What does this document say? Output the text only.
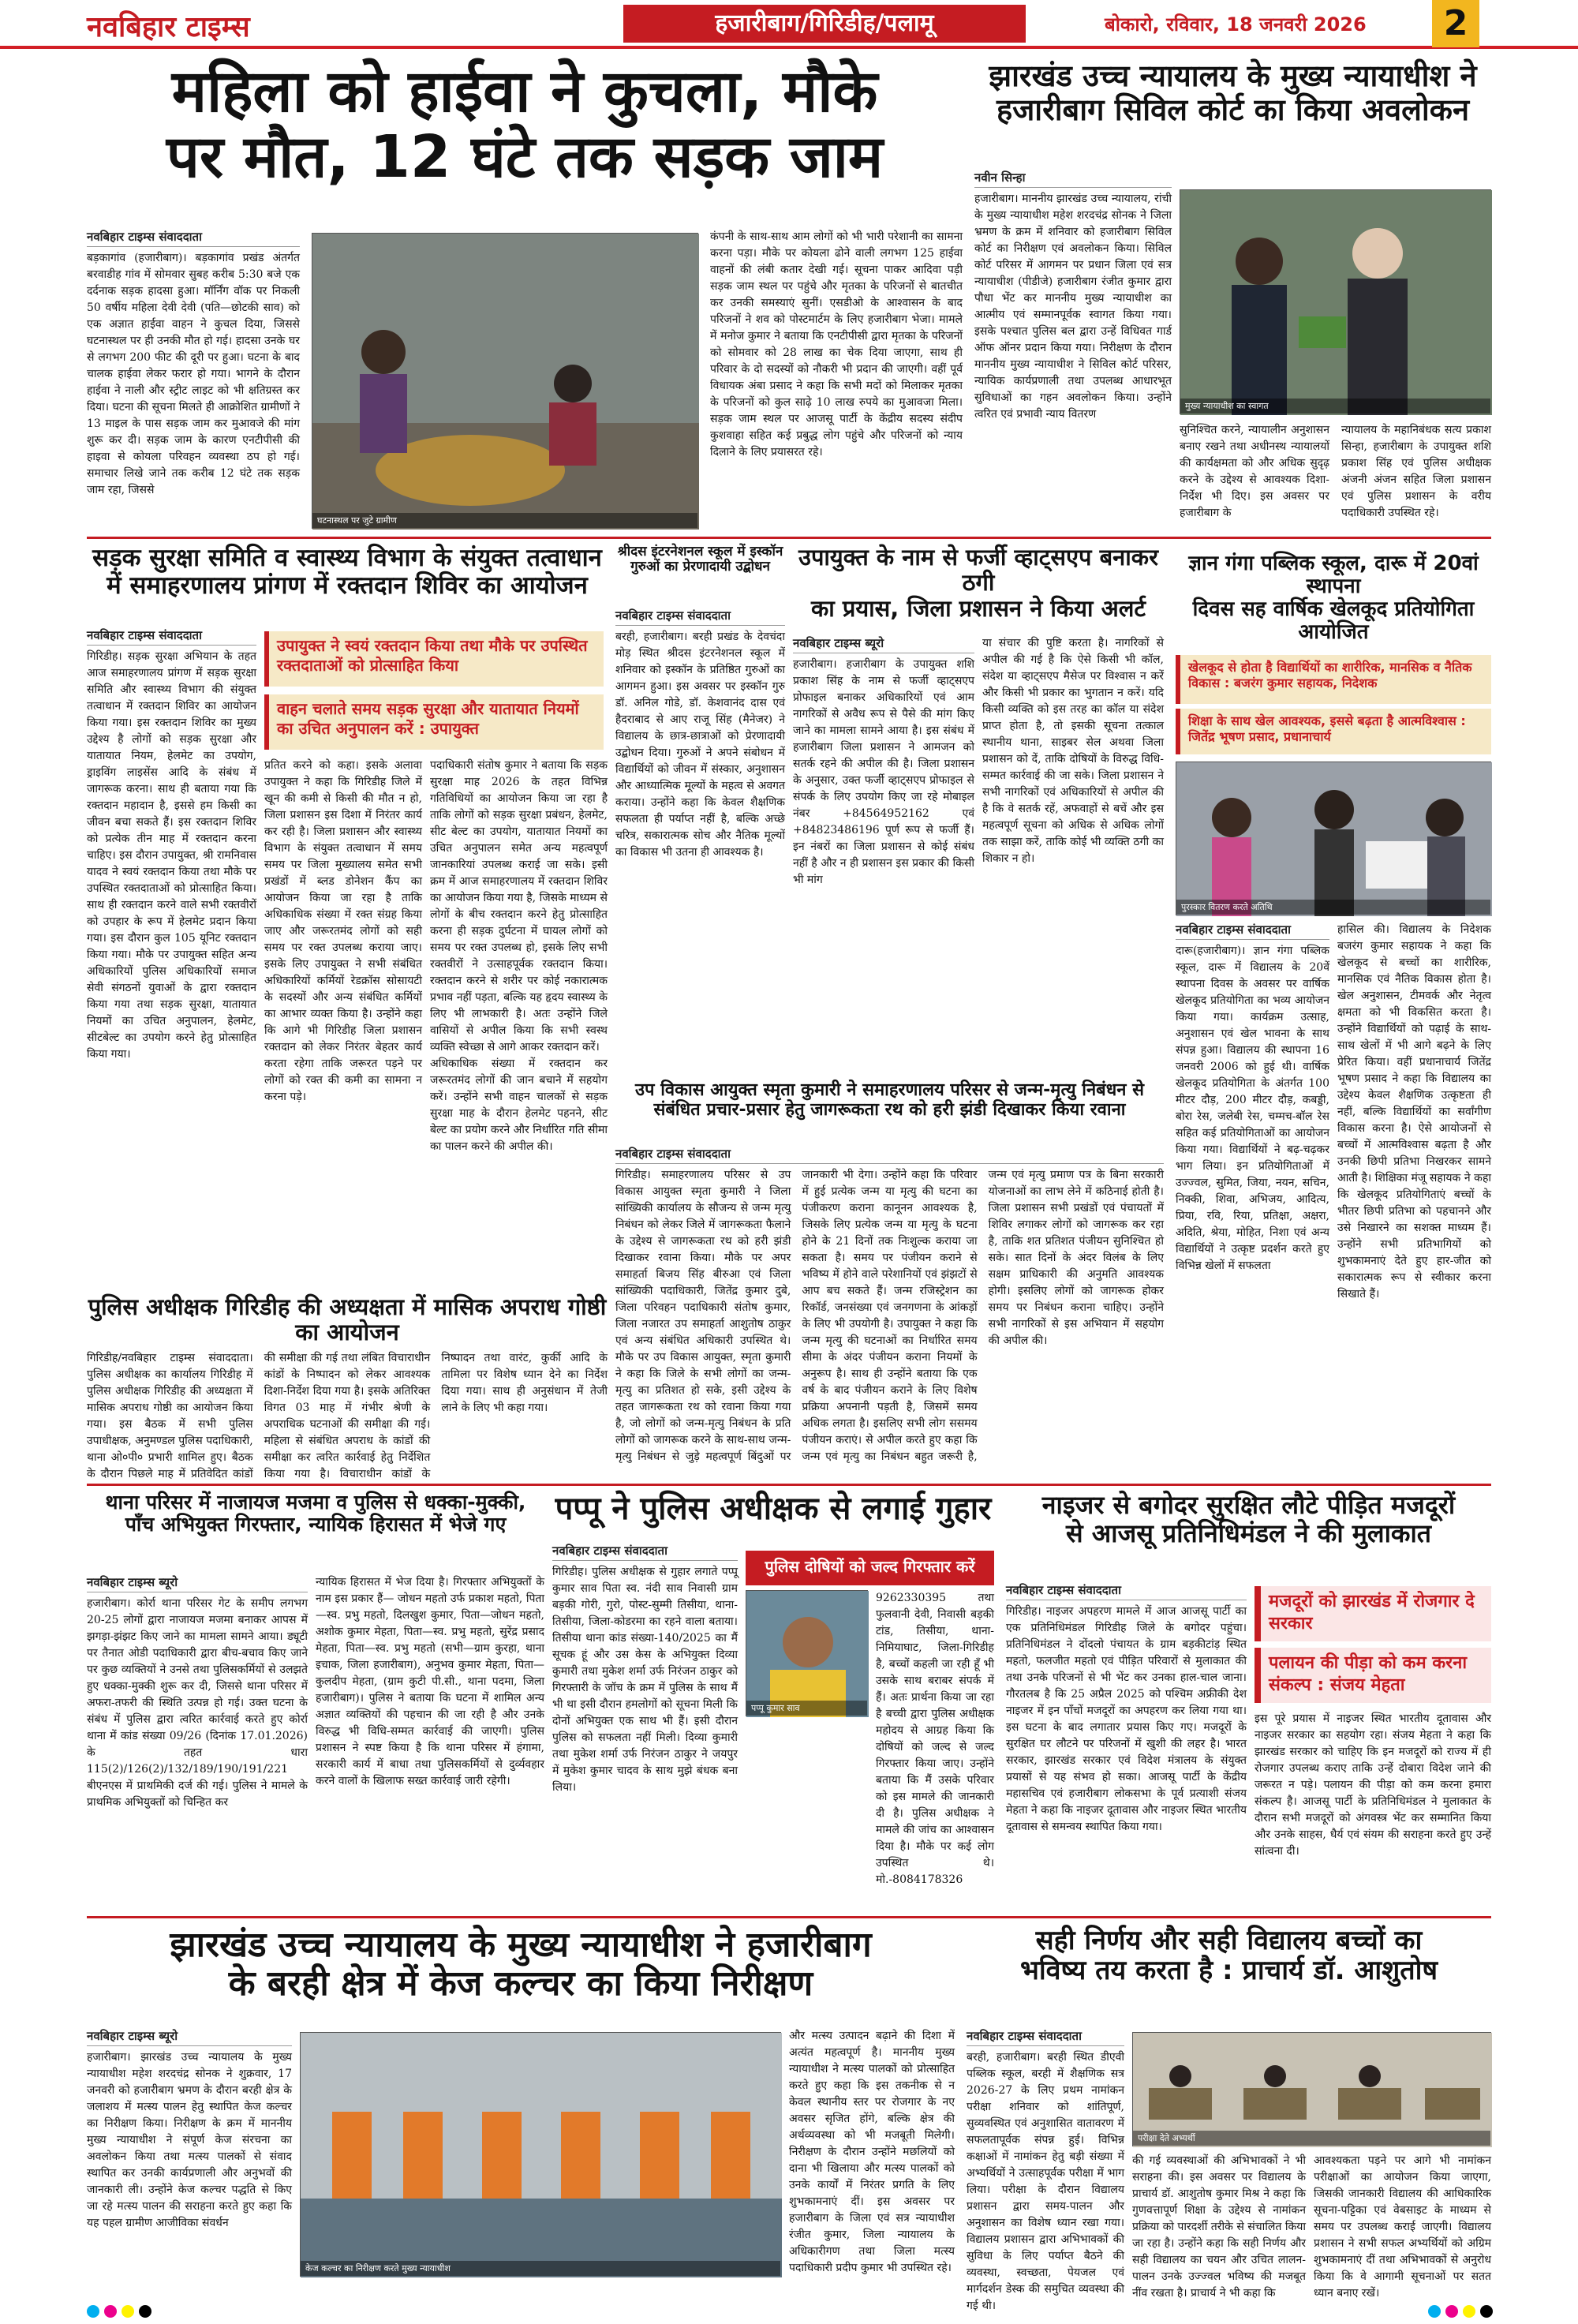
नवबिहार टाइम्स	हजारीबाग/गिरिडीह/पलामू	बोकारो, रविवार, 18 जनवरी 2026	2
महिला को हाईवा ने कुचला, मौके
पर मौत, 12 घंटे तक सड़क जाम
नवबिहार टाइम्स संवाददाता
बड़कागांव (हजारीबाग)। बड़कागांव प्रखंड अंतर्गत बरवाडीह गांव में सोमवार सुबह करीब 5:30 बजे एक दर्दनाक सड़क हादसा हुआ। मॉर्निंग वॉक पर निकली 50 वर्षीय महिला देवी देवी (पति—छोटकी साव) को एक अज्ञात हाईवा वाहन ने कुचल दिया, जिससे घटनास्थल पर ही उनकी मौत हो गई। हादसा उनके घर से लगभग 200 फीट की दूरी पर हुआ। घटना के बाद चालक हाईवा लेकर फरार हो गया। भागने के दौरान हाईवा ने नाली और स्ट्रीट लाइट को भी क्षतिग्रस्त कर दिया। घटना की सूचना मिलते ही आक्रोशित ग्रामीणों ने 13 माइल के पास सड़क जाम कर मुआवजे की मांग शुरू कर दी। सड़क जाम के कारण एनटीपीसी की हाइवा से कोयला परिवहन व्यवस्था ठप हो गई। समाचार लिखे जाने तक करीब 12 घंटे तक सड़क जाम रहा, जिससे
घटनास्थल पर जुटे ग्रामीण
कंपनी के साथ-साथ आम लोगों को भी भारी परेशानी का सामना करना पड़ा। मौके पर कोयला ढोने वाली लगभग 125 हाईवा वाहनों की लंबी कतार देखी गई। सूचना पाकर आदिवा पड़ी सड़क जाम स्थल पर पहुंचे और मृतका के परिजनों से बातचीत कर उनकी समस्याएं सुनीं। एसडीओ के आश्वासन के बाद परिजनों ने शव को पोस्टमार्टम के लिए हजारीबाग भेजा। मामले में मनोज कुमार ने बताया कि एनटीपीसी द्वारा मृतका के परिजनों को सोमवार को 28 लाख का चेक दिया जाएगा, साथ ही परिवार के दो सदस्यों को नौकरी भी प्रदान की जाएगी। वहीं पूर्व विधायक अंबा प्रसाद ने कहा कि सभी मदों को मिलाकर मृतका के परिजनों को कुल साढ़े 10 लाख रुपये का मुआवजा मिला। सड़क जाम स्थल पर आजसू पार्टी के केंद्रीय सदस्य संदीप कुशवाहा सहित कई प्रबुद्ध लोग पहुंचे और परिजनों को न्याय दिलाने के लिए प्रयासरत रहे।
झारखंड उच्च न्यायालय के मुख्य न्यायाधीश ने
हजारीबाग सिविल कोर्ट का किया अवलोकन
नवीन सिन्हा
हजारीबाग। माननीय झारखंड उच्च न्यायालय, रांची के मुख्य न्यायाधीश महेश शरदचंद्र सोनक ने जिला भ्रमण के क्रम में शनिवार को हजारीबाग सिविल कोर्ट का निरीक्षण एवं अवलोकन किया। सिविल कोर्ट परिसर में आगमन पर प्रधान जिला एवं सत्र न्यायाधीश (पीडीजे) हजारीबाग रंजीत कुमार द्वारा पौधा भेंट कर माननीय मुख्य न्यायाधीश का आत्मीय एवं सम्मानपूर्वक स्वागत किया गया। इसके पश्चात पुलिस बल द्वारा उन्हें विधिवत गार्ड ऑफ ऑनर प्रदान किया गया। निरीक्षण के दौरान माननीय मुख्य न्यायाधीश ने सिविल कोर्ट परिसर, न्यायिक कार्यप्रणाली तथा उपलब्ध आधारभूत सुविधाओं का गहन अवलोकन किया। उन्होंने त्वरित एवं प्रभावी न्याय वितरण
मुख्य न्यायाधीश का स्वागत
सुनिश्चित करने, न्यायालीन अनुशासन बनाए रखने तथा अधीनस्थ न्यायालयों की कार्यक्षमता को और अधिक सुदृढ़ करने के उद्देश्य से आवश्यक दिशा-निर्देश भी दिए। इस अवसर पर हजारीबाग के
न्यायालय के महानिबंधक सत्य प्रकाश सिन्हा, हजारीबाग के उपायुक्त शशि प्रकाश सिंह एवं पुलिस अधीक्षक अंजनी अंजन सहित जिला प्रशासन एवं पुलिस प्रशासन के वरीय पदाधिकारी उपस्थित रहे।
सड़क सुरक्षा समिति व स्वास्थ्य विभाग के संयुक्त तत्वाधान
में समाहरणालय प्रांगण में रक्तदान शिविर का आयोजन
नवबिहार टाइम्स संवाददाता
गिरिडीह। सड़क सुरक्षा अभियान के तहत आज समाहरणालय प्रांगण में सड़क सुरक्षा समिति और स्वास्थ्य विभाग की संयुक्त तत्वाधान में रक्तदान शिविर का आयोजन किया गया। इस रक्तदान शिविर का मुख्य उद्देश्य है लोगों को सड़क सुरक्षा और यातायात नियम, हेलमेट का उपयोग, ड्राइविंग लाइसेंस आदि के संबंध में जागरूक करना। साथ ही बताया गया कि रक्तदान महादान है, इससे हम किसी का जीवन बचा सकते हैं। इस रक्तदान शिविर को प्रत्येक तीन माह में रक्तदान करना चाहिए। इस दौरान उपायुक्त, श्री रामनिवास यादव ने स्वयं रक्तदान किया तथा मौके पर उपस्थित रक्तदाताओं को प्रोत्साहित किया। साथ ही रक्तदान करने वाले सभी रक्तवीरों को उपहार के रूप में हेलमेट प्रदान किया गया। इस दौरान कुल 105 यूनिट रक्तदान किया गया। मौके पर उपायुक्त सहित अन्य अधिकारियों पुलिस अधिकारियों समाज सेवी संगठनों युवाओं के द्वारा रक्तदान किया गया तथा सड़क सुरक्षा, यातायात नियमों का उचित अनुपालन, हेलमेट, सीटबेल्ट का उपयोग करने हेतु प्रोत्साहित किया गया।
उपायुक्त ने स्वयं रक्तदान किया तथा मौके पर उपस्थित रक्तदाताओं को प्रोत्साहित किया
वाहन चलाते समय सड़क सुरक्षा और यातायात नियमों का उचित अनुपालन करें : उपायुक्त
प्रतित करने को कहा। इसके अलावा उपायुक्त ने कहा कि गिरिडीह जिले में खून की कमी से किसी की मौत न हो, जिला प्रशासन इस दिशा में निरंतर कार्य कर रही है। जिला प्रशासन और स्वास्थ्य विभाग के संयुक्त तत्वाधान में समय समय पर जिला मुख्यालय समेत सभी प्रखंडों में ब्लड डोनेशन कैंप का आयोजन किया जा रहा है ताकि अधिकाधिक संख्या में रक्त संग्रह किया जाए और जरूरतमंद लोगों को सही समय पर रक्त उपलब्ध कराया जाए। इसके लिए उपायुक्त ने सभी संबंधित अधिकारियों कर्मियों रेडक्रॉस सोसायटी के सदस्यों और अन्य संबंधित कर्मियों का आभार व्यक्त किया है। उन्होंने कहा कि आगे भी गिरिडीह जिला प्रशासन रक्तदान को लेकर निरंतर बेहतर कार्य करता रहेगा ताकि जरूरत पड़ने पर लोगों को रक्त की कमी का सामना न करना पड़े।
पदाधिकारी संतोष कुमार ने बताया कि सड़क सुरक्षा माह 2026 के तहत विभिन्न गतिविधियों का आयोजन किया जा रहा है ताकि लोगों को सड़क सुरक्षा प्रबंधन, हेलमेट, सीट बेल्ट का उपयोग, यातायात नियमों का उचित अनुपालन समेत अन्य महत्वपूर्ण जानकारियां उपलब्ध कराई जा सके। इसी क्रम में आज समाहरणालय में रक्तदान शिविर का आयोजन किया गया है, जिसके माध्यम से लोगों के बीच रक्तदान करने हेतु प्रोत्साहित करना ही सड़क दुर्घटना में घायल लोगों को समय पर रक्त उपलब्ध हो, इसके लिए सभी रक्तवीरों ने उत्साहपूर्वक रक्तदान किया। रक्तदान करने से शरीर पर कोई नकारात्मक प्रभाव नहीं पड़ता, बल्कि यह हृदय स्वास्थ्य के लिए भी लाभकारी है। अतः उन्होंने जिले वासियों से अपील किया कि सभी स्वस्थ व्यक्ति स्वेच्छा से आगे आकर रक्तदान करें।
अधिकाधिक संख्या में रक्तदान कर जरूरतमंद लोगों की जान बचाने में सहयोग करें। उन्होंने सभी वाहन चालकों से सड़क सुरक्षा माह के दौरान हेलमेट पहनने, सीट बेल्ट का प्रयोग करने और निर्धारित गति सीमा का पालन करने की अपील की।
श्रीदस इंटरनेशनल स्कूल में इस्कॉन
गुरुओं का प्रेरणादायी उद्बोधन
नवबिहार टाइम्स संवाददाता
बरही, हजारीबाग। बरही प्रखंड के देवचंदा मोड़ स्थित श्रीदस इंटरनेशनल स्कूल में शनिवार को इस्कॉन के प्रतिष्ठित गुरुओं का आगमन हुआ। इस अवसर पर इस्कॉन गुरु डॉ. अनिल गोडे, डॉ. केशवानंद दास एवं हैदराबाद से आए राजू सिंह (मैनेजर) ने विद्यालय के छात्र-छात्राओं को प्रेरणादायी उद्बोधन दिया। गुरुओं ने अपने संबोधन में विद्यार्थियों को जीवन में संस्कार, अनुशासन और आध्यात्मिक मूल्यों के महत्व से अवगत कराया। उन्होंने कहा कि केवल शैक्षणिक सफलता ही पर्याप्त नहीं है, बल्कि अच्छे चरित्र, सकारात्मक सोच और नैतिक मूल्यों का विकास भी उतना ही आवश्यक है।
उपायुक्त के नाम से फर्जी व्हाट्सएप बनाकर ठगी
का प्रयास, जिला प्रशासन ने किया अलर्ट
नवबिहार टाइम्स ब्यूरो
हजारीबाग। हजारीबाग के उपायुक्त शशि प्रकाश सिंह के नाम से फर्जी व्हाट्सएप प्रोफाइल बनाकर अधिकारियों एवं आम नागरिकों से अवैध रूप से पैसे की मांग किए जाने का मामला सामने आया है। इस संबंध में हजारीबाग जिला प्रशासन ने आमजन को सतर्क रहने की अपील की है। जिला प्रशासन के अनुसार, उक्त फर्जी व्हाट्सएप प्रोफाइल से संपर्क के लिए उपयोग किए जा रहे मोबाइल नंबर +84564952162 एवं +84823486196 पूर्ण रूप से फर्जी हैं। इन नंबरों का जिला प्रशासन से कोई संबंध नहीं है और न ही प्रशासन इस प्रकार की किसी भी मांग
या संचार की पुष्टि करता है। नागरिकों से अपील की गई है कि ऐसे किसी भी कॉल, संदेश या व्हाट्सएप मैसेज पर विश्वास न करें और किसी भी प्रकार का भुगतान न करें। यदि किसी व्यक्ति को इस तरह का कॉल या संदेश प्राप्त होता है, तो इसकी सूचना तत्काल स्थानीय थाना, साइबर सेल अथवा जिला प्रशासन को दें, ताकि दोषियों के विरुद्ध विधि-सम्मत कार्रवाई की जा सके। जिला प्रशासन ने सभी नागरिकों एवं अधिकारियों से अपील की है कि वे सतर्क रहें, अफवाहों से बचें और इस महत्वपूर्ण सूचना को अधिक से अधिक लोगों तक साझा करें, ताकि कोई भी व्यक्ति ठगी का शिकार न हो।
उप विकास आयुक्त स्मृता कुमारी ने समाहरणालय परिसर से जन्म-मृत्यु निबंधन से
संबंधित प्रचार-प्रसार हेतु जागरूकता रथ को हरी झंडी दिखाकर किया रवाना
नवबिहार टाइम्स संवाददाता
गिरिडीह। समाहरणालय परिसर से उप विकास आयुक्त स्मृता कुमारी ने जिला सांख्यिकी कार्यालय के सौजन्य से जन्म मृत्यु निबंधन को लेकर जिले में जागरूकता फैलाने के उद्देश्य से जागरूकता रथ को हरी झंडी दिखाकर रवाना किया। मौके पर अपर समाहर्ता बिजय सिंह बीरुआ एवं जिला सांख्यिकी पदाधिकारी, जितेंद्र कुमार दुबे, जिला परिवहन पदाधिकारी संतोष कुमार, जिला नजारत उप समाहर्ता आशुतोष ठाकुर एवं अन्य संबंधित अधिकारी उपस्थित थे। मौके पर उप विकास आयुक्त, स्मृता कुमारी ने कहा कि जिले के सभी लोगों का जन्म-मृत्यु का प्रतिशत हो सके, इसी उद्देश्य के तहत जागरूकता रथ को रवाना किया गया है, जो लोगों को जन्म-मृत्यु निबंधन के प्रति लोगों को जागरूक करने के साथ-साथ जन्म-मृत्यु निबंधन से जुड़े महत्वपूर्ण बिंदुओं पर जानकारी भी देगा। उन्होंने कहा कि परिवार में हुई प्रत्येक जन्म या मृत्यु की घटना का पंजीकरण कराना कानूनन आवश्यक है, जिसके लिए प्रत्येक जन्म या मृत्यु के घटना होने के 21 दिनों तक निःशुल्क कराया जा सकता है। समय पर पंजीयन कराने से भविष्य में होने वाले परेशानियों एवं झंझटों से आप बच सकते हैं। जन्म रजिस्ट्रेशन का रिकॉर्ड, जनसंख्या एवं जनगणना के आंकड़ों के लिए भी उपयोगी है। उपायुक्त ने कहा कि जन्म मृत्यु की घटनाओं का निर्धारित समय सीमा के अंदर पंजीयन कराना नियमों के अनुरूप है। साथ ही उन्होंने बताया कि एक वर्ष के बाद पंजीयन कराने के लिए विशेष प्रक्रिया अपनानी पड़ती है, जिसमें समय अधिक लगता है। इसलिए सभी लोग ससमय पंजीयन कराएं। से अपील करते हुए कहा कि जन्म एवं मृत्यु का निबंधन बहुत जरूरी है, जन्म एवं मृत्यु प्रमाण पत्र के बिना सरकारी योजनाओं का लाभ लेने में कठिनाई होती है। जिला प्रशासन सभी प्रखंडों एवं पंचायतों में शिविर लगाकर लोगों को जागरूक कर रहा है, ताकि शत प्रतिशत पंजीयन सुनिश्चित हो सके। सात दिनों के अंदर विलंब के लिए सक्षम प्राधिकारी की अनुमति आवश्यक होगी। इसलिए लोगों को जागरूक होकर समय पर निबंधन कराना चाहिए। उन्होंने सभी नागरिकों से इस अभियान में सहयोग की अपील की।
ज्ञान गंगा पब्लिक स्कूल, दारू में 20वां स्थापना
दिवस सह वार्षिक खेलकूद प्रतियोगिता आयोजित
खेलकूद से होता है विद्यार्थियों का शारीरिक, मानसिक व नैतिक विकास : बजरंग कुमार सहायक, निदेशक
शिक्षा के साथ खेल आवश्यक, इससे बढ़ता है आत्मविश्वास : जितेंद्र भूषण प्रसाद, प्रधानाचार्य
पुरस्कार वितरण करते अतिथि
नवबिहार टाइम्स संवाददाता
दारू(हजारीबाग)। ज्ञान गंगा पब्लिक स्कूल, दारू में विद्यालय के 20वें स्थापना दिवस के अवसर पर वार्षिक खेलकूद प्रतियोगिता का भव्य आयोजन किया गया। कार्यक्रम उत्साह, अनुशासन एवं खेल भावना के साथ संपन्न हुआ। विद्यालय की स्थापना 16 जनवरी 2006 को हुई थी। वार्षिक खेलकूद प्रतियोगिता के अंतर्गत 100 मीटर दौड़, 200 मीटर दौड़, कबड्डी, बोरा रेस, जलेबी रेस, चम्मच-बॉल रेस सहित कई प्रतियोगिताओं का आयोजन किया गया। विद्यार्थियों ने बढ़-चढ़कर भाग लिया। इन प्रतियोगिताओं में उज्ज्वल, सुमित, जिया, नयन, सचिन, निक्की, शिवा, अभिजय, आदित्य, प्रिया, रवि, रिया, प्रतिक्षा, अक्षरा, अदिति, श्रेया, मोहित, निशा एवं अन्य विद्यार्थियों ने उत्कृष्ट प्रदर्शन करते हुए विभिन्न खेलों में सफलता
हासिल की। विद्यालय के निदेशक बजरंग कुमार सहायक ने कहा कि खेलकूद से बच्चों का शारीरिक, मानसिक एवं नैतिक विकास होता है। खेल अनुशासन, टीमवर्क और नेतृत्व क्षमता को भी विकसित करता है। उन्होंने विद्यार्थियों को पढ़ाई के साथ-साथ खेलों में भी आगे बढ़ने के लिए प्रेरित किया। वहीं प्रधानाचार्य जितेंद्र भूषण प्रसाद ने कहा कि विद्यालय का उद्देश्य केवल शैक्षणिक उत्कृष्टता ही नहीं, बल्कि विद्यार्थियों का सर्वांगीण विकास करना है। ऐसे आयोजनों से बच्चों में आत्मविश्वास बढ़ता है और उनकी छिपी प्रतिभा निखरकर सामने आती है। शिक्षिका मंजू सहायक ने कहा कि खेलकूद प्रतियोगिताएं बच्चों के भीतर छिपी प्रतिभा को पहचानने और उसे निखारने का सशक्त माध्यम हैं। उन्होंने सभी प्रतिभागियों को शुभकामनाएं देते हुए हार-जीत को सकारात्मक रूप से स्वीकार करना सिखाते हैं।
पुलिस अधीक्षक गिरिडीह की अध्यक्षता में मासिक अपराध गोष्ठी का आयोजन
गिरिडीह/नवबिहार टाइम्स संवाददाता। पुलिस अधीक्षक का कार्यालय गिरिडीह में पुलिस अधीक्षक गिरिडीह की अध्यक्षता में मासिक अपराध गोष्ठी का आयोजन किया गया। इस बैठक में सभी पुलिस उपाधीक्षक, अनुमण्डल पुलिस पदाधिकारी, थाना ओ०पी० प्रभारी शामिल हुए। बैठक के दौरान पिछले माह में प्रतिवेदित कांडों की समीक्षा की गई तथा लंबित विचाराधीन कांडों के निष्पादन को लेकर आवश्यक दिशा-निर्देश दिया गया है। इसके अतिरिक्त विगत 03 माह में गंभीर श्रेणी के अपराधिक घटनाओं की समीक्षा की गई। महिला से संबंधित अपराध के कांडों की समीक्षा कर त्वरित कार्रवाई हेतु निर्देशित किया गया है। विचाराधीन कांडों के निष्पादन तथा वारंट, कुर्की आदि के तामिला पर विशेष ध्यान देने का निर्देश दिया गया। साथ ही अनुसंधान में तेजी लाने के लिए भी कहा गया।
थाना परिसर में नाजायज मजमा व पुलिस से धक्का-मुक्की,
पाँच अभियुक्त गिरफ्तार, न्यायिक हिरासत में भेजे गए
नवबिहार टाइम्स ब्यूरो
हजारीबाग। कोर्रा थाना परिसर गेट के समीप लगभग 20-25 लोगों द्वारा नाजायज मजमा बनाकर आपस में झगड़ा-झंझट किए जाने का मामला सामने आया। ड्यूटी पर तैनात ओडी पदाधिकारी द्वारा बीच-बचाव किए जाने पर कुछ व्यक्तियों ने उनसे तथा पुलिसकर्मियों से उलझते हुए धक्का-मुक्की शुरू कर दी, जिससे थाना परिसर में अफरा-तफरी की स्थिति उत्पन्न हो गई। उक्त घटना के संबंध में पुलिस द्वारा त्वरित कार्रवाई करते हुए कोर्रा थाना में कांड संख्या 09/26 (दिनांक 17.01.2026) के तहत धारा 115(2)/126(2)/132/189/190/191/221 बीएनएस में प्राथमिकी दर्ज की गई। पुलिस ने मामले के प्राथमिक अभियुक्तों को चिन्हित कर
न्यायिक हिरासत में भेज दिया है। गिरफ्तार अभियुक्तों के नाम इस प्रकार हैं— जोधन महतो उर्फ प्रकाश महतो, पिता—स्व. प्रभु महतो, दिलखुश कुमार, पिता—जोधन महतो, अशोक कुमार मेहता, पिता—स्व. प्रभु महतो, सुरेंद्र प्रसाद मेहता, पिता—स्व. प्रभु महतो (सभी—ग्राम कुरहा, थाना इचाक, जिला हजारीबाग), अनुभव कुमार मेहता, पिता—कुलदीप मेहता, (ग्राम कुटी पी.सी., थाना पदमा, जिला हजारीबाग)। पुलिस ने बताया कि घटना में शामिल अन्य अज्ञात व्यक्तियों की पहचान की जा रही है और उनके विरुद्ध भी विधि-सम्मत कार्रवाई की जाएगी। पुलिस प्रशासन ने स्पष्ट किया है कि थाना परिसर में हंगामा, सरकारी कार्य में बाधा तथा पुलिसकर्मियों से दुर्व्यवहार करने वालों के खिलाफ सख्त कार्रवाई जारी रहेगी।
पप्पू ने पुलिस अधीक्षक से लगाई गुहार
पुलिस दोषियों को जल्द गिरफ्तार करें
नवबिहार टाइम्स संवाददाता
गिरिडीह। पुलिस अधीक्षक से गुहार लगाते पप्पू कुमार साव पिता स्व. नंदी साव निवासी ग्राम बड़की गोरी, गुरो, पोस्ट-सुम्मी तिसीया, थाना-तिसीया, जिला-कोडरमा का रहने वाला बताया। तिसीया थाना कांड संख्या-140/2025 का मैं सूचक हूं और उस केस के अभियुक्त दिव्या कुमारी तथा मुकेश शर्मा उर्फ निरंजन ठाकुर को गिरफ्तारी के जॉच के क्रम में पुलिस के साथ मैं भी था इसी दौरान हमलोगों को सूचना मिली कि दोनों अभियुक्त एक साथ भी हैं। इसी दौरान पुलिस को सफलता नहीं मिली। दिव्या कुमारी तथा मुकेश शर्मा उर्फ निरंजन ठाकुर ने जयपुर में मुकेश कुमार चादव के साथ मुझे बंधक बना लिया।
पप्पू कुमार साव
9262330395 तथा फुलवानी देवी, निवासी बड़की टांड, तिसीया, थाना-निमियाघाट, जिला-गिरिडीह है, बच्चों कहली जा रही हूँ भी उसके साथ बराबर संपर्क में हैं। अतः प्रार्थना किया जा रहा है बच्ची द्वारा पुलिस अधीक्षक महोदय से आग्रह किया कि दोषियों को जल्द से जल्द गिरफ्तार किया जाए। उन्होंने बताया कि मैं उसके परिवार को इस मामले की जानकारी दी है। पुलिस अधीक्षक ने मामले की जांच का आश्वासन दिया है। मौके पर कई लोग उपस्थित थे। मो.-8084178326
नाइजर से बगोदर सुरक्षित लौटे पीड़ित मजदूरों
से आजसू प्रतिनिधिमंडल ने की मुलाकात
नवबिहार टाइम्स संवाददाता
गिरिडीह। नाइजर अपहरण मामले में आज आजसू पार्टी का एक प्रतिनिधिमंडल गिरिडीह जिले के बगोदर पहुंचा। प्रतिनिधिमंडल ने दोंदलो पंचायत के ग्राम बड़कीटांड़ स्थित महतो, फलजीत महतो एवं पीड़ित परिवारों से मुलाकात की तथा उनके परिजनों से भी भेंट कर उनका हाल-चाल जाना। गौरतलब है कि 25 अप्रैल 2025 को पश्चिम अफ्रीकी देश नाइजर में इन पाँचों मजदूरों का अपहरण कर लिया गया था। इस घटना के बाद लगातार प्रयास किए गए। मजदूरों के सुरक्षित घर लौटने पर परिजनों में खुशी की लहर है। भारत सरकार, झारखंड सरकार एवं विदेश मंत्रालय के संयुक्त प्रयासों से यह संभव हो सका। आजसू पार्टी के केंद्रीय महासचिव एवं हजारीबाग लोकसभा के पूर्व प्रत्याशी संजय मेहता ने कहा कि नाइजर दूतावास और नाइजर स्थित भारतीय दूतावास से समन्वय स्थापित किया गया।
मजदूरों को झारखंड में रोजगार दे सरकार
पलायन की पीड़ा को कम करना संकल्प : संजय मेहता
इस पूरे प्रयास में नाइजर स्थित भारतीय दूतावास और नाइजर सरकार का सहयोग रहा। संजय मेहता ने कहा कि झारखंड सरकार को चाहिए कि इन मजदूरों को राज्य में ही रोजगार उपलब्ध कराए ताकि उन्हें दोबारा विदेश जाने की जरूरत न पड़े। पलायन की पीड़ा को कम करना हमारा संकल्प है। आजसू पार्टी के प्रतिनिधिमंडल ने मुलाकात के दौरान सभी मजदूरों को अंगवस्त्र भेंट कर सम्मानित किया और उनके साहस, धैर्य एवं संयम की सराहना करते हुए उन्हें सांत्वना दी।
झारखंड उच्च न्यायालय के मुख्य न्यायाधीश ने हजारीबाग
के बरही क्षेत्र में केज कल्चर का किया निरीक्षण
नवबिहार टाइम्स ब्यूरो
हजारीबाग। झारखंड उच्च न्यायालय के मुख्य न्यायाधीश महेश शरदचंद्र सोनक ने शुक्रवार, 17 जनवरी को हजारीबाग भ्रमण के दौरान बरही क्षेत्र के जलाशय में मत्स्य पालन हेतु स्थापित केज कल्चर का निरीक्षण किया। निरीक्षण के क्रम में माननीय मुख्य न्यायाधीश ने संपूर्ण केज संरचना का अवलोकन किया तथा मत्स्य पालकों से संवाद स्थापित कर उनकी कार्यप्रणाली और अनुभवों की जानकारी ली। उन्होंने केज कल्चर पद्धति से किए जा रहे मत्स्य पालन की सराहना करते हुए कहा कि यह पहल ग्रामीण आजीविका संवर्धन
केज कल्चर का निरीक्षण करते मुख्य न्यायाधीश
और मत्स्य उत्पादन बढ़ाने की दिशा में अत्यंत महत्वपूर्ण है। माननीय मुख्य न्यायाधीश ने मत्स्य पालकों को प्रोत्साहित करते हुए कहा कि इस तकनीक से न केवल स्थानीय स्तर पर रोजगार के नए अवसर सृजित होंगे, बल्कि क्षेत्र की अर्थव्यवस्था को भी मजबूती मिलेगी। निरीक्षण के दौरान उन्होंने मछलियों को दाना भी खिलाया और मत्स्य पालकों को उनके कार्यों में निरंतर प्रगति के लिए शुभकामनाएं दीं। इस अवसर पर हजारीबाग के जिला एवं सत्र न्यायाधीश रंजीत कुमार, जिला न्यायालय के अधिकारीगण तथा जिला मत्स्य पदाधिकारी प्रदीप कुमार भी उपस्थित रहे।
सही निर्णय और सही विद्यालय बच्चों का
भविष्य तय करता है : प्राचार्य डॉ. आशुतोष
नवबिहार टाइम्स संवाददाता
बरही, हजारीबाग। बरही स्थित डीएवी पब्लिक स्कूल, बरही में शैक्षणिक सत्र 2026-27 के लिए प्रथम नामांकन परीक्षा शनिवार को शांतिपूर्ण, सुव्यवस्थित एवं अनुशासित वातावरण में सफलतापूर्वक संपन्न हुई। विभिन्न कक्षाओं में नामांकन हेतु बड़ी संख्या में अभ्यर्थियों ने उत्साहपूर्वक परीक्षा में भाग लिया। परीक्षा के दौरान विद्यालय प्रशासन द्वारा समय-पालन और अनुशासन का विशेष ध्यान रखा गया। विद्यालय प्रशासन द्वारा अभिभावकों की सुविधा के लिए पर्याप्त बैठने की व्यवस्था, स्वच्छता, पेयजल एवं मार्गदर्शन डेस्क की समुचित व्यवस्था की गई थी।
परीक्षा देते अभ्यर्थी
की गई व्यवस्थाओं की अभिभावकों ने भी सराहना की। इस अवसर पर विद्यालय के प्राचार्य डॉ. आशुतोष कुमार मिश्र ने कहा कि गुणवत्तापूर्ण शिक्षा के उद्देश्य से नामांकन प्रक्रिया को पारदर्शी तरीके से संचालित किया जा रहा है। उन्होंने कहा कि सही निर्णय और सही विद्यालय का चयन और उचित लालन-पालन उनके उज्ज्वल भविष्य की मजबूत नींव रखता है। प्राचार्य ने भी कहा कि
आवश्यकता पड़ने पर आगे भी नामांकन परीक्षाओं का आयोजन किया जाएगा, जिसकी जानकारी विद्यालय की आधिकारिक सूचना-पट्टिका एवं वेबसाइट के माध्यम से समय पर उपलब्ध कराई जाएगी। विद्यालय प्रशासन ने सभी सफल अभ्यर्थियों को अग्रिम शुभकामनाएं दीं तथा अभिभावकों से अनुरोध किया कि वे आगामी सूचनाओं पर सतत ध्यान बनाए रखें।
